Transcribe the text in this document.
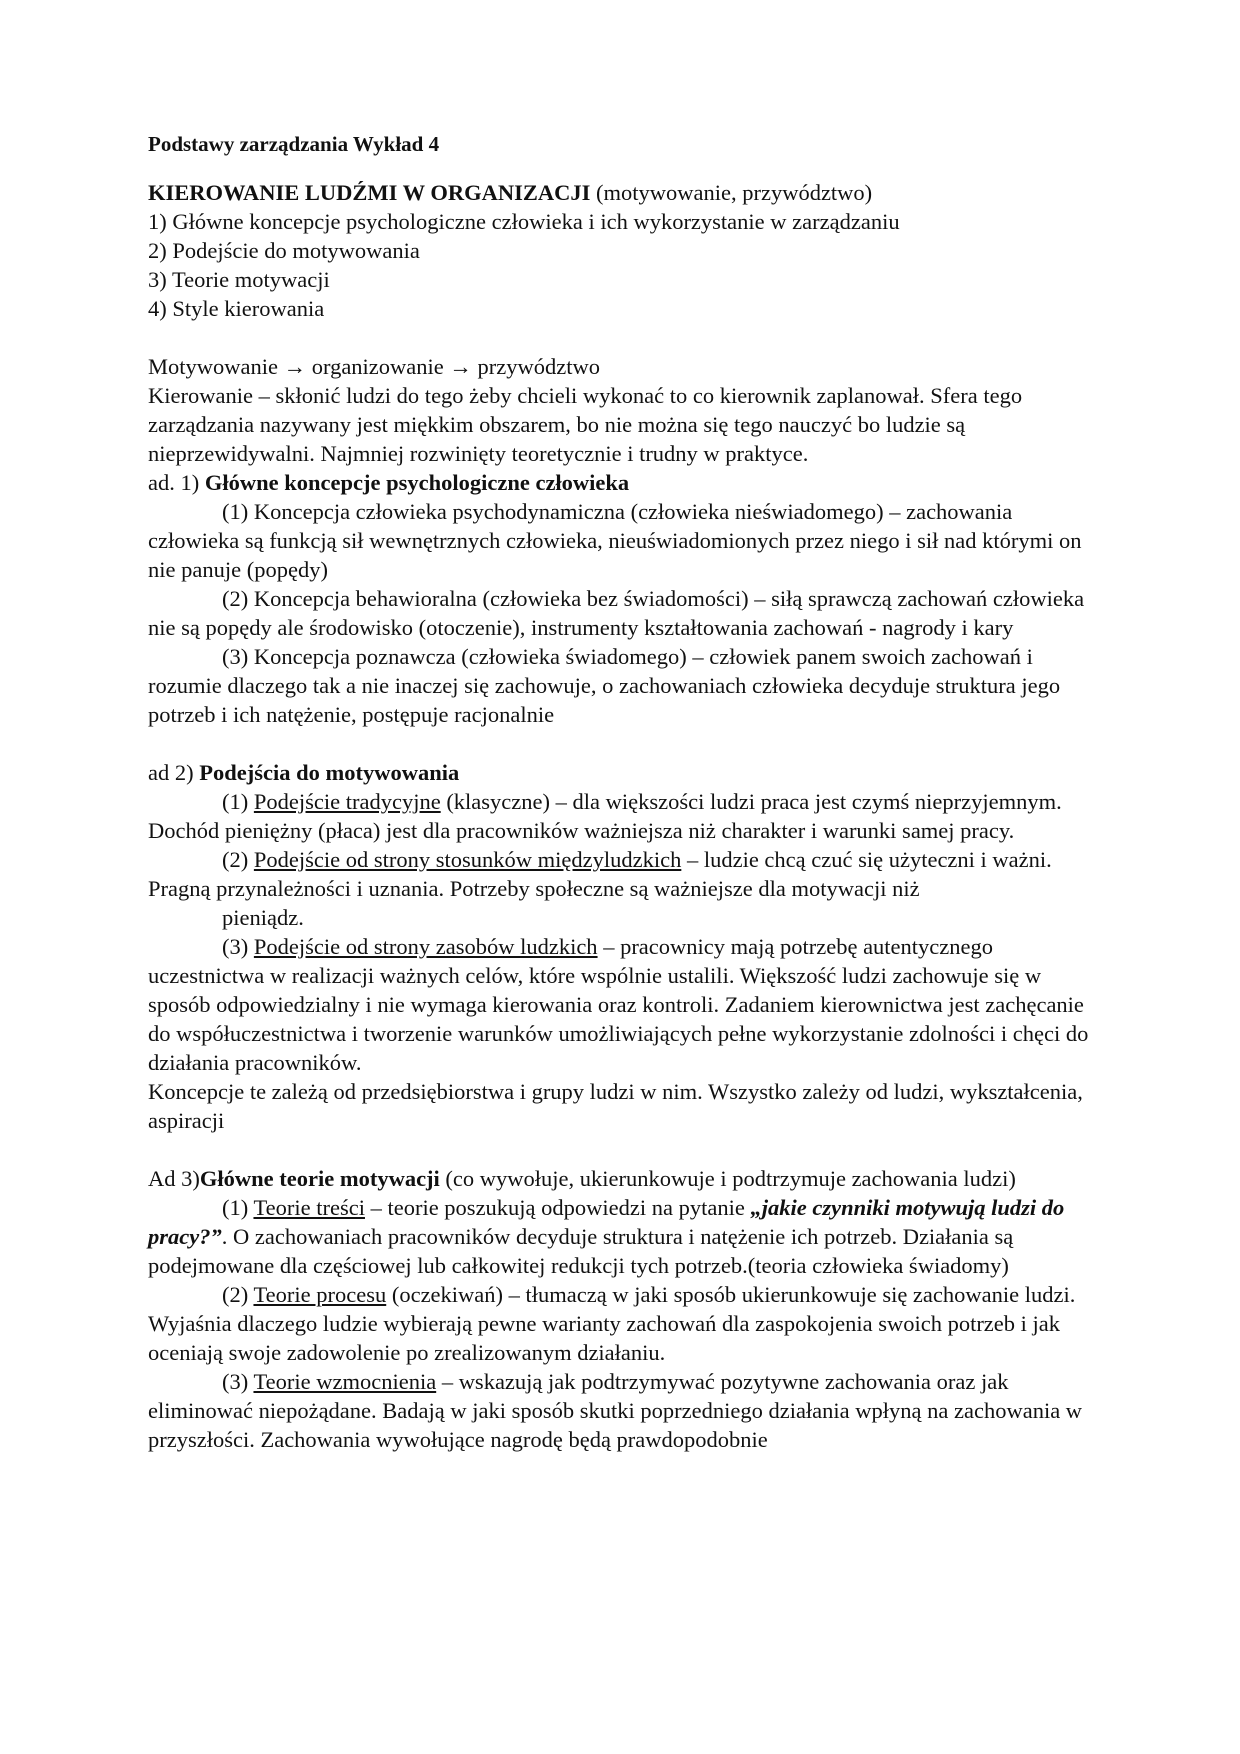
Podstawy zarządzania Wykład 4

KIEROWANIE LUDŹMI W ORGANIZACJI (motywowanie, przywództwo)

1) Główne koncepcje psychologiczne człowieka i ich wykorzystanie w zarządzaniu

2) Podejście do motywowania

3) Teorie motywacji

4) Style kierowania

Motywowanie → organizowanie → przywództwo

Kierowanie – skłonić ludzi do tego żeby chcieli wykonać to co kierownik zaplanował. Sfera tego zarządzania nazywany jest miękkim obszarem, bo nie można się tego nauczyć bo ludzie są nieprzewidywalni. Najmniej rozwinięty teoretycznie i trudny w praktyce.

ad. 1) Główne koncepcje psychologiczne człowieka

(1) Koncepcja człowieka psychodynamiczna (człowieka nieświadomego) – zachowania człowieka są funkcją sił wewnętrznych człowieka, nieuświadomionych przez niego i sił nad którymi on nie panuje (popędy)

(2) Koncepcja behawioralna (człowieka bez świadomości) – siłą sprawczą zachowań człowieka nie są popędy ale środowisko (otoczenie), instrumenty kształtowania zachowań - nagrody i kary

(3) Koncepcja poznawcza (człowieka świadomego) – człowiek panem swoich zachowań i rozumie dlaczego tak a nie inaczej się zachowuje, o zachowaniach człowieka decyduje struktura jego potrzeb i ich natężenie, postępuje racjonalnie

ad 2) Podejścia do motywowania

(1) Podejście tradycyjne (klasyczne) – dla większości ludzi praca jest czymś nieprzyjemnym. Dochód pieniężny (płaca) jest dla pracowników ważniejsza niż charakter i warunki samej pracy.

(2) Podejście od strony stosunków międzyludzkich – ludzie chcą czuć się użyteczni i ważni. Pragną przynależności i uznania. Potrzeby społeczne są ważniejsze dla motywacji niż

pieniądz.

(3) Podejście od strony zasobów ludzkich – pracownicy mają potrzebę autentycznego uczestnictwa w realizacji ważnych celów, które wspólnie ustalili. Większość ludzi zachowuje się w sposób odpowiedzialny i nie wymaga kierowania oraz kontroli. Zadaniem kierownictwa jest zachęcanie do współuczestnictwa i tworzenie warunków umożliwiających pełne wykorzystanie zdolności i chęci do działania pracowników.

Koncepcje te zależą od przedsiębiorstwa i grupy ludzi w nim. Wszystko zależy od ludzi, wykształcenia, aspiracji

Ad 3)Główne teorie motywacji (co wywołuje, ukierunkowuje i podtrzymuje zachowania ludzi)

(1) Teorie treści – teorie poszukują odpowiedzi na pytanie „jakie czynniki motywują ludzi do pracy?”. O zachowaniach pracowników decyduje struktura i natężenie ich potrzeb. Działania są podejmowane dla częściowej lub całkowitej redukcji tych potrzeb.(teoria człowieka świadomy)

(2) Teorie procesu (oczekiwań) – tłumaczą w jaki sposób ukierunkowuje się zachowanie ludzi. Wyjaśnia dlaczego ludzie wybierają pewne warianty zachowań dla zaspokojenia swoich potrzeb i jak oceniają swoje zadowolenie po zrealizowanym działaniu.

(3) Teorie wzmocnienia – wskazują jak podtrzymywać pozytywne zachowania oraz jak eliminować niepożądane. Badają w jaki sposób skutki poprzedniego działania wpłyną na zachowania w przyszłości. Zachowania wywołujące nagrodę będą prawdopodobnie
